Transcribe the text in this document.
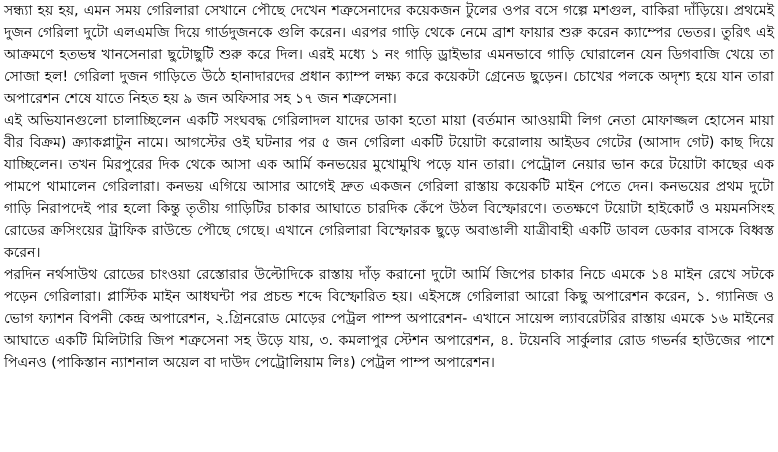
সন্ধ্যা হয় হয়, এমন সময় গেরিলারা সেখানে পৌছে দেখেন শত্রুসেনাদের কয়েকজন টুলের ওপর বসে গল্পে মশগুল, বাকিরা দাঁড়িয়ে। প্রথমেই দুজন গেরিলা দুটো এলএমজি দিয়ে গার্ডদুজনকে গুলি করেন। এরপর গাড়ি থেকে নেমে ব্রাশ ফায়ার শুরু করেন ক্যাম্পের ভেতর। তুরিৎ এই আক্রমণে হতভম্ব খানসেনারা ছুটোছুটি শুরু করে দিল। এরই মধ্যে ১ নং গাড়ি ড্রাইভার এমনভাবে গাড়ি ঘোরালেন যেন ডিগবাজি খেয়ে তা সোজা হল! গেরিলা দুজন গাড়িতে উঠে হানাদারদের প্রধান ক্যাম্প লক্ষ্য করে কয়েকটা গ্রেনেড ছুড়েন। চোখের পলকে অদৃশ্য হয়ে যান তারা অপারেশন শেষে যাতে নিহত হয় ৯ জন অফিসার সহ ১৭ জন শত্রুসেনা।

এই অভিযানগুলো চালাচ্ছিলেন একটি সংঘবদ্ধ গেরিলাদল যাদের ডাকা হতো মায়া (বর্তমান আওয়ামী লিগ নেতা মোফাজ্জল হোসেন মায়া বীর বিক্রম) ক্র্যাকপ্লাটুন নামে। আগস্টের ওই ঘটনার পর ৫ জন গেরিলা একটি টয়োটা করোলায় আইডব গেটের (আসাদ গেট) কাছ দিয়ে যাচ্ছিলেন। তখন মিরপুরের দিক থেকে আসা এক আর্মি কনভয়ের মুখোমুখি পড়ে যান তারা। পেট্রোল নেয়ার ভান করে টয়োটা কাছের এক পামপে থামালেন গেরিলারা। কনভয় এগিয়ে আসার আগেই দ্রুত একজন গেরিলা রাস্তায় কয়েকটি মাইন পেতে দেন। কনভয়ের প্রথম দুটো গাড়ি নিরাপদেই পার হলো কিন্তু তৃতীয় গাড়িটির চাকার আঘাতে চারদিক কেঁপে উঠল বিস্ফোরণে। ততক্ষণে টয়োটা হাইকোর্ট ও ময়মনসিংহ রোডের ক্রসিংয়ের ট্রাফিক রাউন্ডে পৌছে গেছে। এখানে গেরিলারা বিস্ফোরক ছুড়ে অবাঙালী যাত্রীবাহী একটি ডাবল ডেকার বাসকে বিধ্বস্ত করেন।

পরদিন নর্থসাউথ রোডের চাংওয়া রেস্তোরার উল্টোদিকে রাস্তায় দাঁড় করানো দুটো আর্মি জিপের চাকার নিচে এমকে ১৪ মাইন রেখে সটকে পড়েন গেরিলারা। প্লাস্টিক মাইন আধঘন্টা পর প্রচন্ড শব্দে বিস্ফোরিত হয়। এইসঙ্গে গেরিলারা আরো কিছু অপারেশন করেন, ১. গ্যানিজ ও ভোগ ফ্যাশন বিপনী কেন্দ্র অপারেশন, ২.গ্রিনরোড মোড়ের পেট্রল পাম্প অপারেশন- এখানে সায়েন্স ল্যাবরেটরির রাস্তায় এমকে ১৬ মাইনের আঘাতে একটি মিলিটারি জিপ শত্রুসেনা সহ উড়ে যায়, ৩. কমলাপুর স্টেশন অপারেশন, ৪. টয়েনবি সার্কুলার রোড গভর্নর হাউজের পাশে পিএনও (পাকিস্তান ন্যাশনাল অয়েল বা দাউদ পেট্রোলিয়াম লিঃ) পেট্রল পাম্প অপারেশন।
